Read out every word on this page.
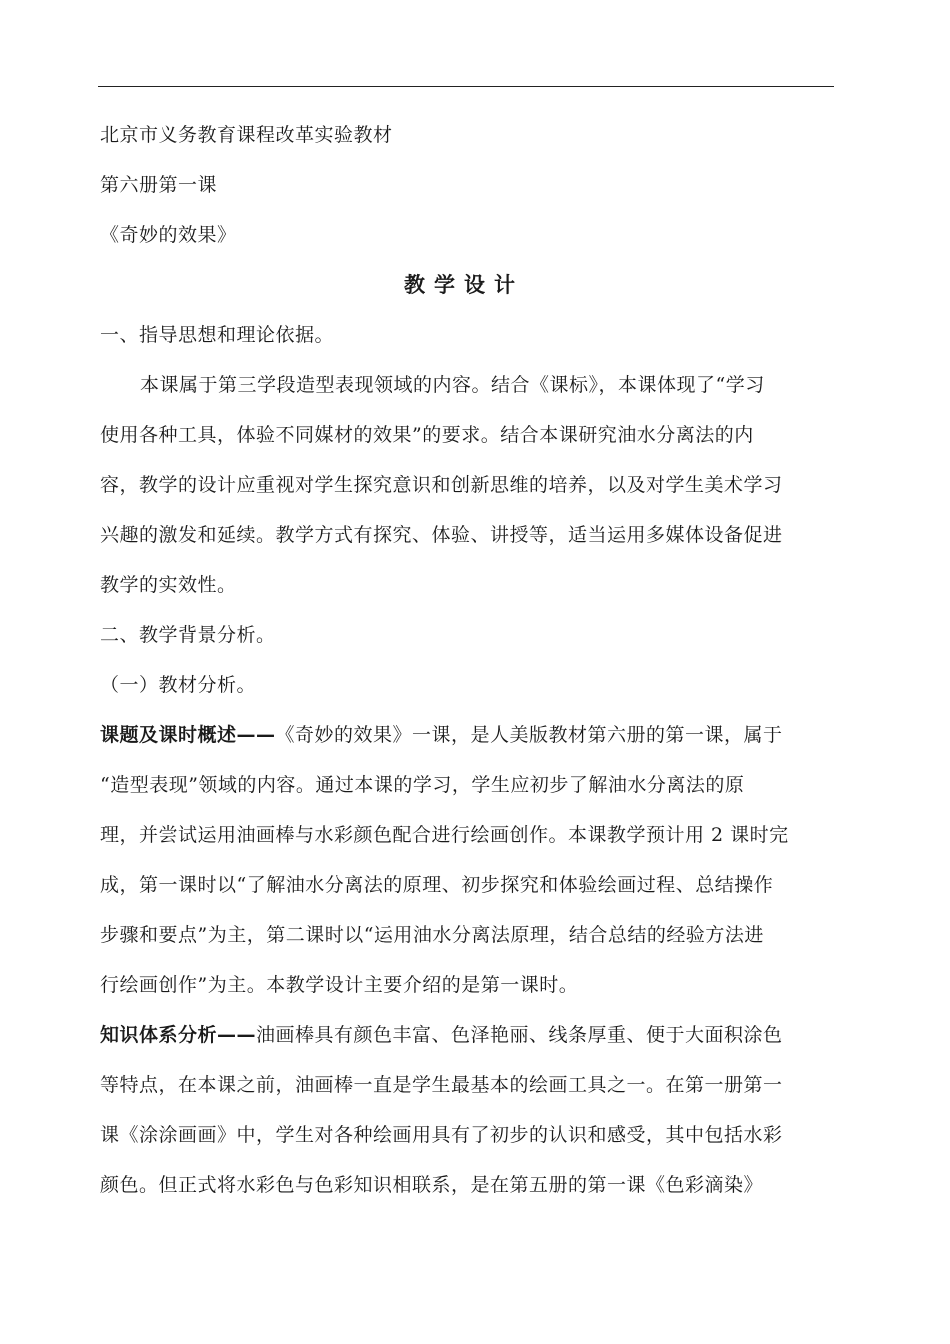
北京市义务教育课程改革实验教材
第六册第一课
《奇妙的效果》
教学设计
一、指导思想和理论依据。
本课属于第三学段造型表现领域的内容。结合《课标》，本课体现了“学习
使用各种工具，体验不同媒材的效果”的要求。结合本课研究油水分离法的内
容，教学的设计应重视对学生探究意识和创新思维的培养，以及对学生美术学习
兴趣的激发和延续。教学方式有探究、体验、讲授等，适当运用多媒体设备促进
教学的实效性。
二、教学背景分析。
（一）教材分析。
课题及课时概述——《奇妙的效果》一课，是人美版教材第六册的第一课，属于
“造型表现”领域的内容。通过本课的学习，学生应初步了解油水分离法的原
理，并尝试运用油画棒与水彩颜色配合进行绘画创作。本课教学预计用 2 课时完
成，第一课时以“了解油水分离法的原理、初步探究和体验绘画过程、总结操作
步骤和要点”为主，第二课时以“运用油水分离法原理，结合总结的经验方法进
行绘画创作”为主。本教学设计主要介绍的是第一课时。
知识体系分析——油画棒具有颜色丰富、色泽艳丽、线条厚重、便于大面积涂色
等特点，在本课之前，油画棒一直是学生最基本的绘画工具之一。在第一册第一
课《涂涂画画》中，学生对各种绘画用具有了初步的认识和感受，其中包括水彩
颜色。但正式将水彩色与色彩知识相联系，是在第五册的第一课《色彩滴染》
